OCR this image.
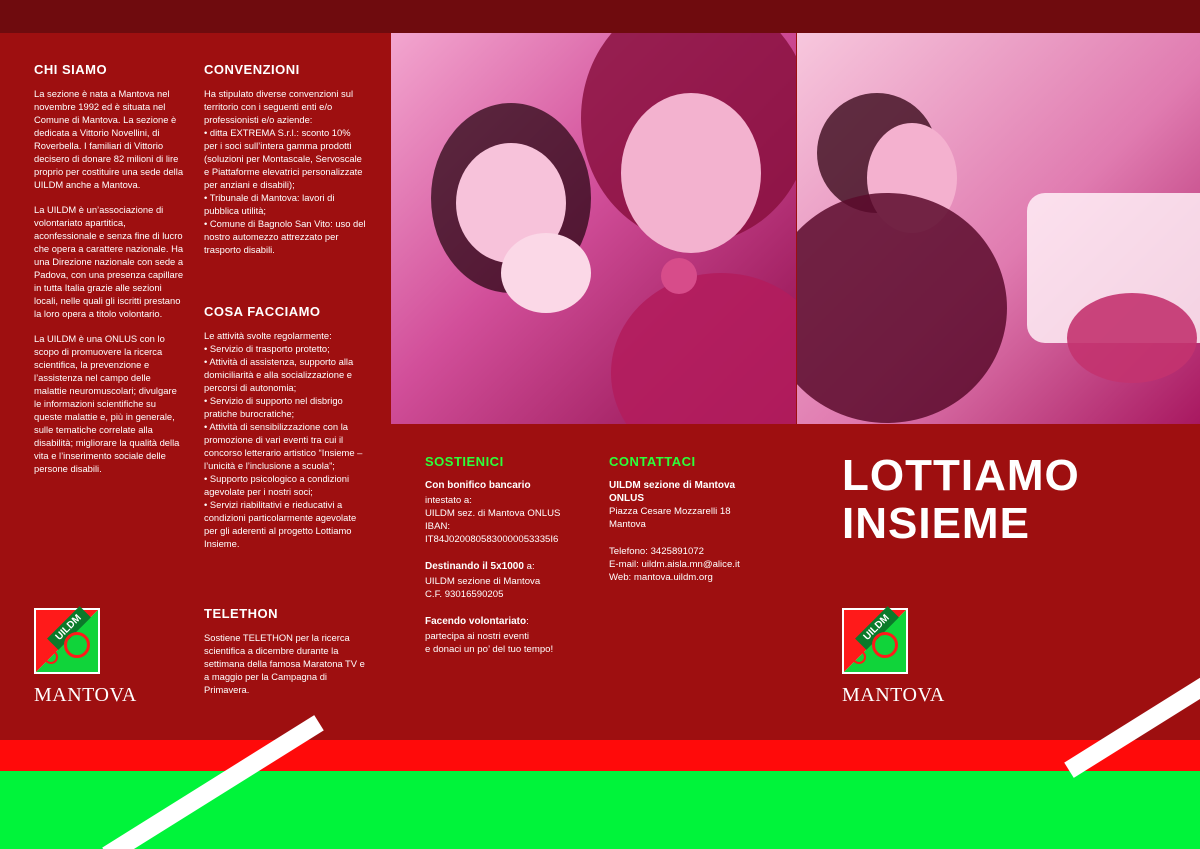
CHI SIAMO
La sezione è nata a Mantova nel novembre 1992 ed è situata nel Comune di Mantova. La sezione è dedicata a Vittorio Novellini, di Roverbella. I familiari di Vittorio decisero di donare 82 milioni di lire proprio per costituire una sede della UILDM anche a Mantova.
La UILDM è un’associazione di volontariato apartitica, aconfessionale e senza fine di lucro che opera a carattere nazionale. Ha una Direzione nazionale con sede a Padova, con una presenza capillare in tutta Italia grazie alle sezioni locali, nelle quali gli iscritti prestano la loro opera a titolo volontario.
La UILDM è una ONLUS con lo scopo di promuovere la ricerca scientifica, la prevenzione e l’assistenza nel campo delle malattie neuromuscolari; divulgare le informazioni scientifiche su queste malattie e, più in generale, sulle tematiche correlate alla disabilità; migliorare la qualità della vita e l’inserimento sociale delle persone disabili.
UILDM
MANTOVA
CONVENZIONI
Ha stipulato diverse convenzioni sul territorio con i seguenti enti e/o professionisti e/o aziende:
• ditta EXTREMA S.r.l.: sconto 10% per i soci sull’intera gamma prodotti (soluzioni per Montascale, Servoscale e Piattaforme elevatrici personalizzate per anziani e disabili);
• Tribunale di Mantova: lavori di pubblica utilità;
• Comune di Bagnolo San Vito: uso del nostro automezzo attrezzato per trasporto disabili.
COSA FACCIAMO
Le attività svolte regolarmente:
• Servizio di trasporto protetto;
• Attività di assistenza, supporto alla domiciliarità e alla socializzazione e percorsi di autonomia;
• Servizio di supporto nel disbrigo pratiche burocratiche;
• Attività di sensibilizzazione con la promozione di vari eventi tra cui il concorso letterario artistico “Insieme – l’unicità e l’inclusione a scuola”;
• Supporto psicologico a condizioni agevolate per i nostri soci;
• Servizi riabilitativi e rieducativi a condizioni particolarmente agevolate per gli aderenti al progetto Lottiamo Insieme.
TELETHON
Sostiene TELETHON per la ricerca scientifica a dicembre durante la settimana della famosa Maratona TV e a maggio per la Campagna di Primavera.
SOSTIENICI
Con bonifico bancario
intestato a:
UILDM sez. di Mantova ONLUS
IBAN:
IT84J0200805830000053335I6
Destinando il 5x1000 a:
UILDM sezione di Mantova
C.F. 93016590205
Facendo volontariato:
partecipa ai nostri eventi
e donaci un po’ del tuo tempo!
CONTATTACI
UILDM sezione di Mantova
ONLUS
Piazza Cesare Mozzarelli 18
Mantova
Telefono: 3425891072
E-mail: uildm.aisla.mn@alice.it
Web: mantova.uildm.org
LOTTIAMO
INSIEME
UILDM
MANTOVA
